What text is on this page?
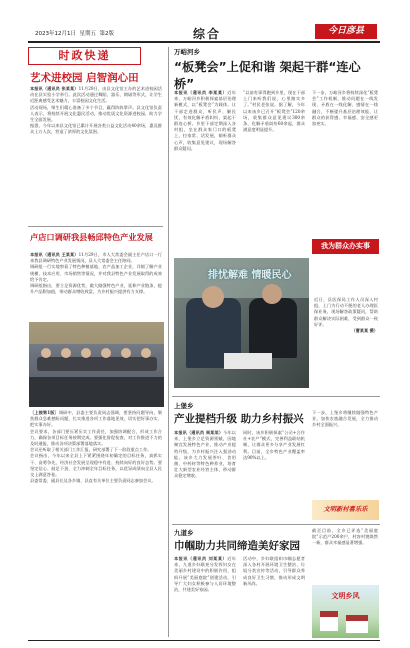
2023年12月1日 星期五 第2版	综合	今日彦县
时政快递
艺术进校园 启智润心田

本报讯（通讯员 张某某）11月29日，由县文化馆主办的艺术进校园活动在县实验小学举行。此次活动通过舞蹈、器乐、朗诵等形式，让学生近距离感受艺术魅力，丰富校园文化生活。

活动现场，师生们精心准备了多个节目，赢得阵阵掌声。县文化馆负责人表示，将持续开展文化惠民活动，推动优质文化资源进校园，助力学生全面发展。

据悉，今年以来县文化馆已累计开展各类公益文化活动40余场，惠及群众上万人次，营造了浓厚的文化氛围。

卢店口调研我县畅邱特色产业发展

本报讯（通讯员 王某某）11月29日，市人大常委会副主任卢店口一行来我县调研特色产业发展情况，县人大常委会主任陪同。

调研组一行实地察看了特色种植基地、农产品加工企业，详细了解产业规模、技术应用、市场销售等情况，并对我县特色产业发展取得的成效给予肯定。

调研组指出，要立足资源优势，做大做强特色产业，延伸产业链条，提升产品附加值，带动群众增收致富，为乡村振兴提供有力支撑。

〔上接第1版〕调研中，县委主要负责同志强调，要坚持问题导向，聚焦群众急难愁盼问题，扎实推进各项工作落地见效，切实把好事办实、把实事办好。

会议要求，各部门要压紧压实工作责任，加强协调配合，形成工作合力，确保各项目标任务按期完成。要强化督促检查，对工作推进不力的及时通报，推动各项决策部署落地落实。

会议还听取了相关部门工作汇报，研究部署了下一阶段重点工作。

会议指出，今年以来全县上下紧紧围绕年初确定的目标任务，真抓实干、奋勇争先，经济社会发展呈现稳中有进、持续向好的良好态势。要坚定信心、鼓足干劲，全力冲刺全年目标任务，以优异成绩向全县人民交上满意答卷。

县委常委、副县长及各乡镇、县直有关单位主要负责同志参加会议。

万峪河乡
“板凳会”上促和谐 架起干群“连心桥”

本报讯（通讯员 李某某）近年来，万峪河乡积极探索基层治理新模式，以“板凳会”为载体，让干部走进群众、听民声、解民忧，有效化解矛盾纠纷，架起干群连心桥。乡里干部定期深入各村组，坐在群众家门口的板凳上，拉家常、话发展，倾听群众心声，收集意见建议，现场解答群众疑问。

“以前有事得跑到乡里，现在干部上门来听我们说，心里踏实多了。”村民老张说。据了解，今年以来该乡已召开“板凳会”120余场，收集群众意见建议300余条，化解矛盾纠纷60余起，群众满意度明显提升。

下一步，万峪河乡将持续深化“板凳会”工作机制，推动问题在一线发现、矛盾在一线化解、感情在一线融合，不断提升基层治理效能，让群众的获得感、幸福感、安全感更加充实。

我为群众办实事
排忧解难 情暖民心

近日，县医保局工作人员深入村组，上门为行动不便的老人办理医保业务，现场解答政策疑问，帮助群众解决实际困难，受到群众一致好评。

（曹某某 摄）

上堡乡
产业提档升级 助力乡村振兴

本报讯（通讯员 周某某）今年以来，上堡乡立足资源禀赋，因地制宜发展特色产业，推动产业提档升级，为乡村振兴注入强劲动能。该乡大力发展茶叶、食用菌、中药材等特色种养业，培育壮大新型农业经营主体，带动群众稳定增收。

同时，该乡积极探索“公司+合作社+农户”模式，完善利益联结机制，让群众更多分享产业发展红利。目前，全乡特色产业覆盖率达90%以上。

下一步，上堡乡将继续做强特色产业，加快农旅融合发展，全力推动乡村全面振兴。

文明新村喜乐乐
九道乡
巾帼助力共同缔造美好家园

本报讯（通讯员 刘某某）近年来，九道乡妇联充分发挥妇女在美丽乡村建设中的积极作用，组织开展“美丽庭院”创建活动，引导广大妇女积极参与人居环境整治，共建美好家园。

活动中，乡妇联组织巾帼志愿者深入各村开展环境卫生整治、垃圾分类宣传等活动，引导群众养成良好卫生习惯，推动形成文明新风尚。

截至目前，全乡已评选“美丽庭院”示范户200余户，村容村貌焕然一新，群众幸福感显著增强。

文明乡风
